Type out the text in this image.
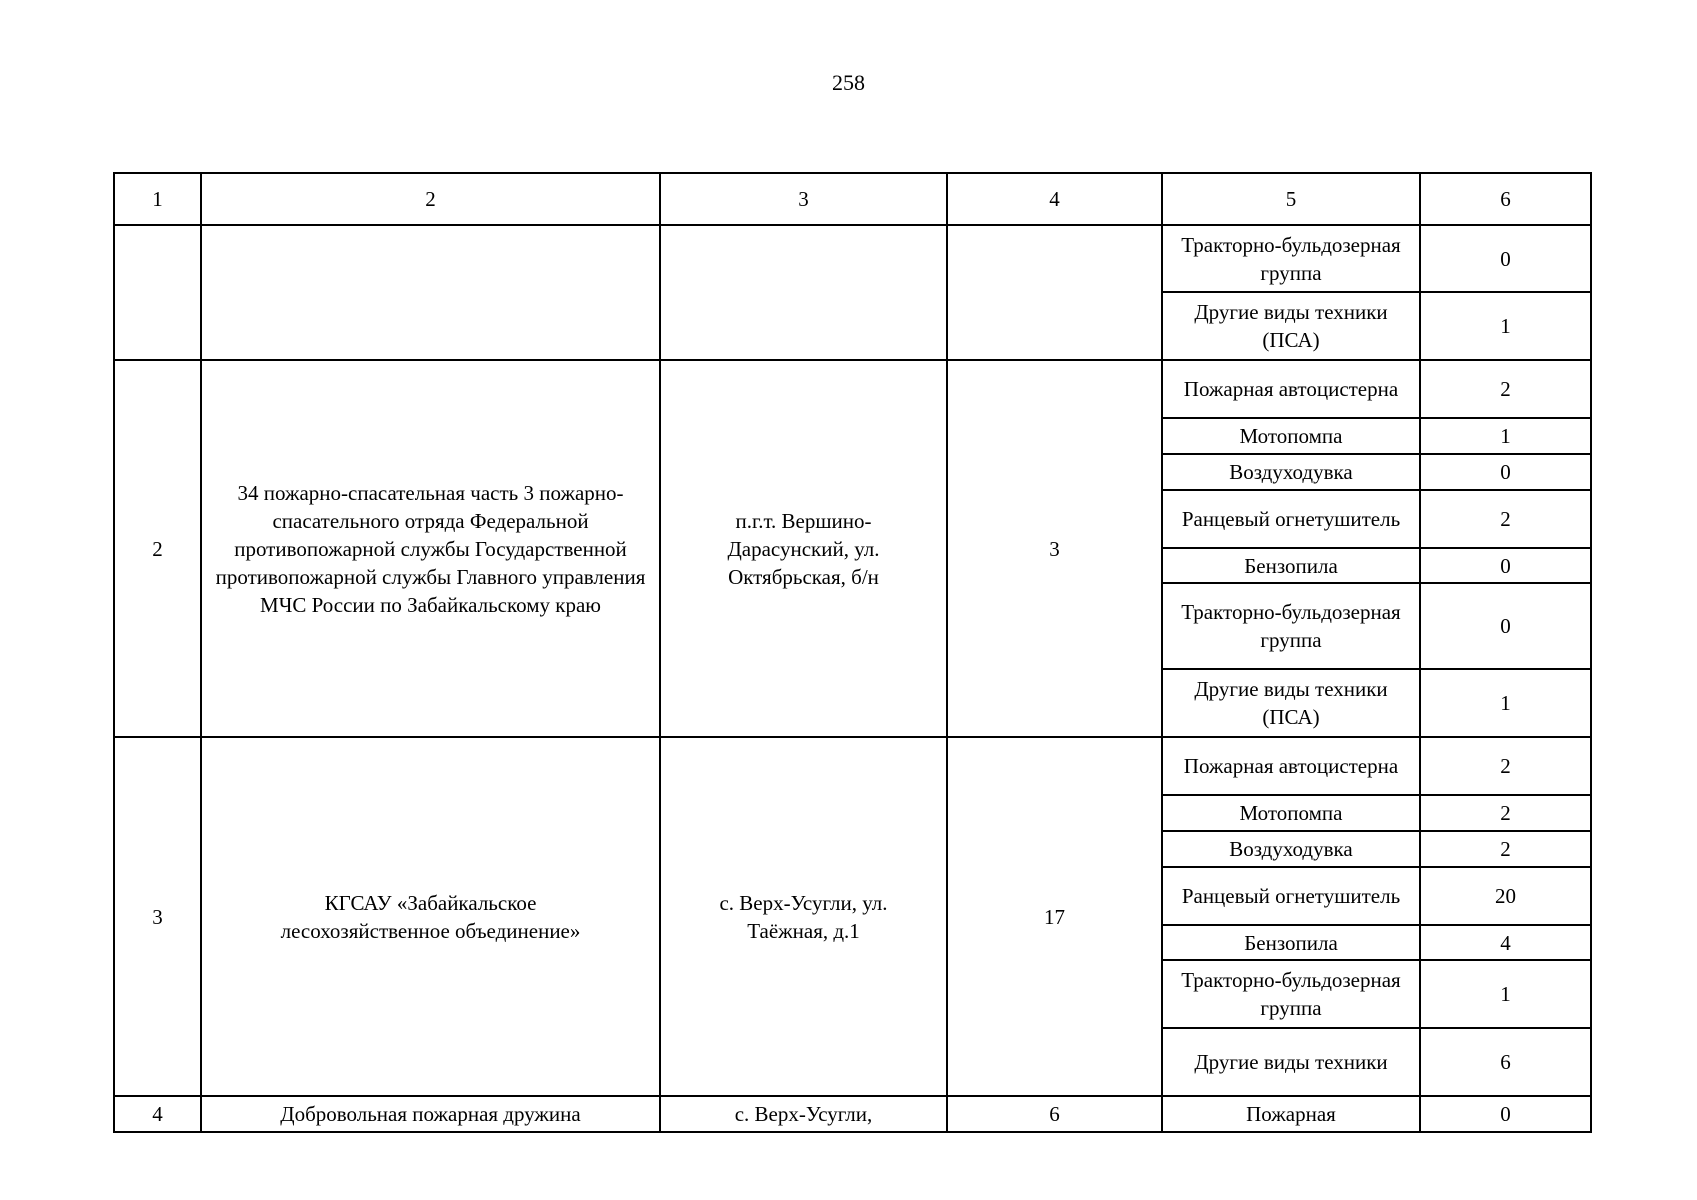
258
1	2	3	4	5	6
				Тракторно-бульдозерная группа	0
				Другие виды техники (ПСА)	1
2	34 пожарно-спасательная часть 3 пожарно-спасательного отряда Федеральной противопожарной службы Государственной противопожарной службы Главного управления МЧС России по Забайкальскому краю	п.г.т. Вершино-Дарасунский, ул. Октябрьская, б/н	3	Пожарная автоцистерна	2
				Мотопомпа	1
				Воздуходувка	0
				Ранцевый огнетушитель	2
				Бензопила	0
				Тракторно-бульдозерная группа	0
				Другие виды техники (ПСА)	1
3	КГСАУ «Забайкальское лесохозяйственное объединение»	с. Верх-Усугли, ул. Таёжная, д.1	17	Пожарная автоцистерна	2
				Мотопомпа	2
				Воздуходувка	2
				Ранцевый огнетушитель	20
				Бензопила	4
				Тракторно-бульдозерная группа	1
				Другие виды техники	6
4	Добровольная пожарная дружина	с. Верх-Усугли,	6	Пожарная	0
